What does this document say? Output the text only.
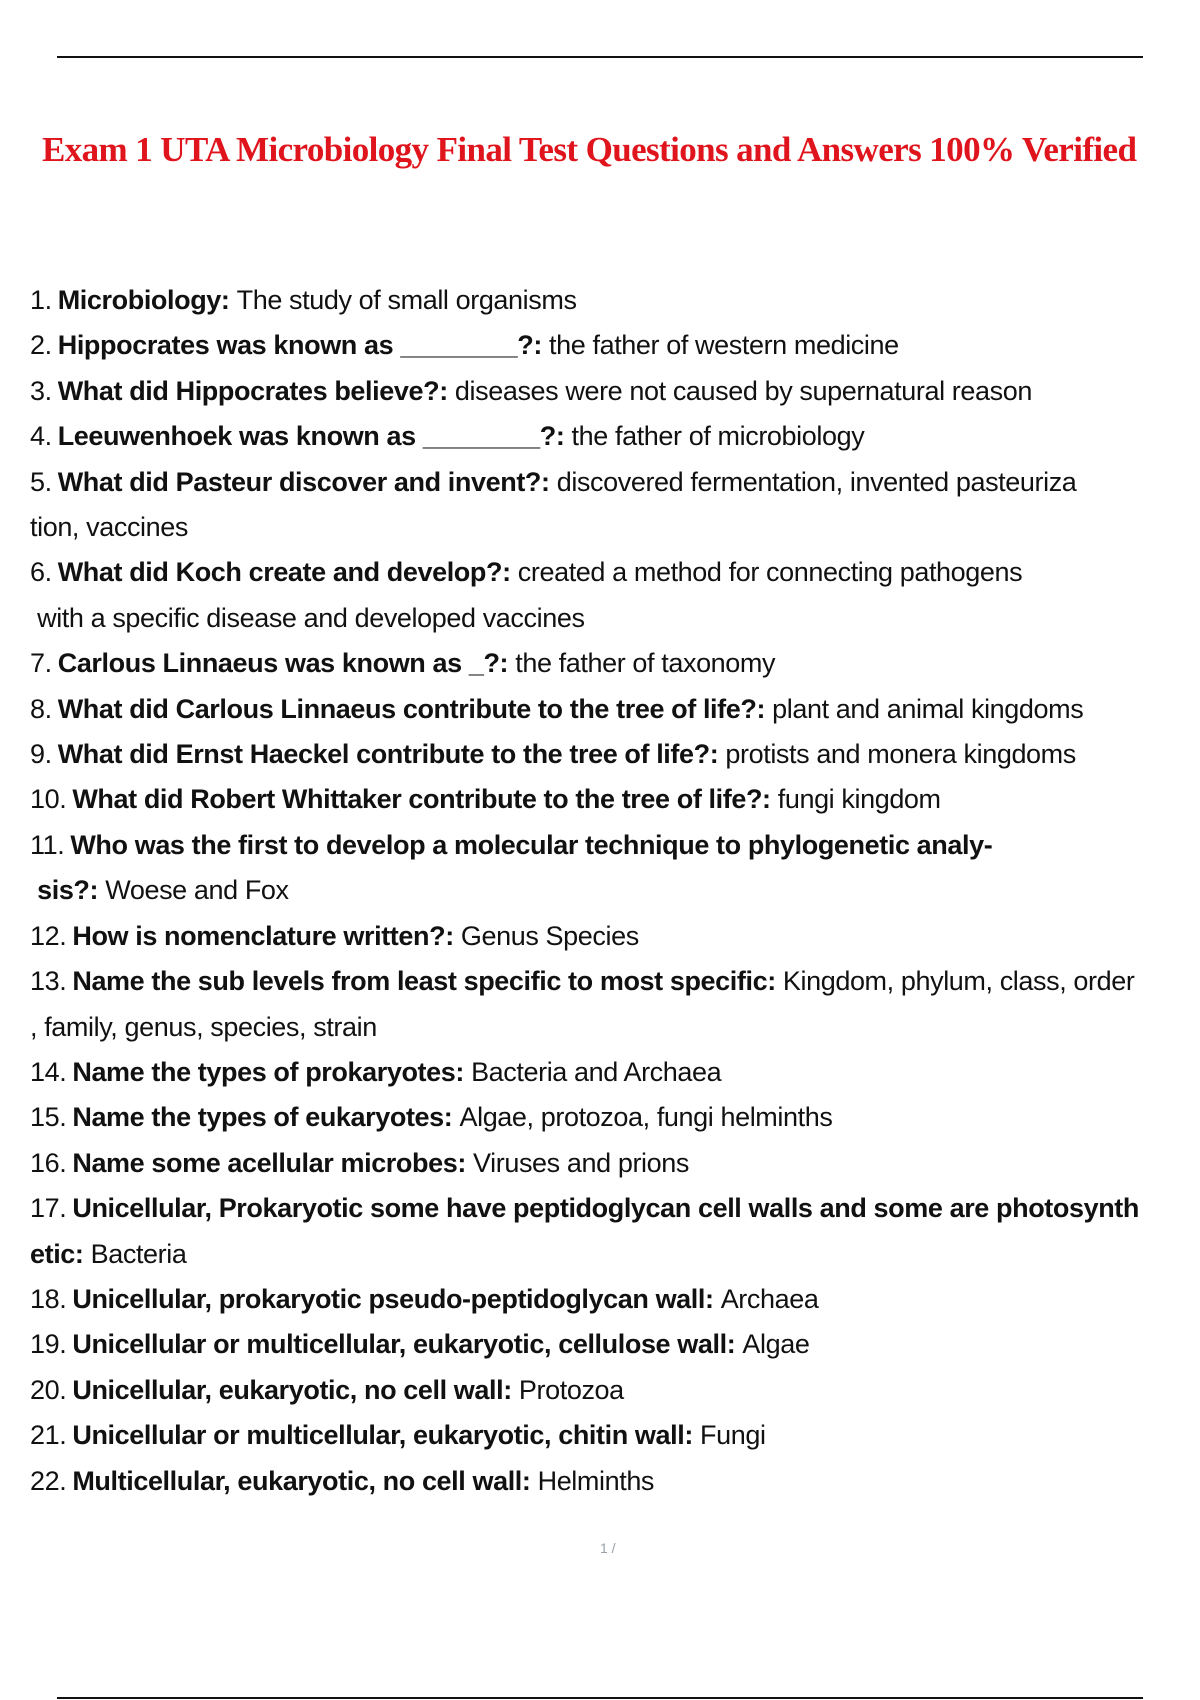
Exam 1 UTA Microbiology Final Test Questions and Answers 100% Verified
1. Microbiology: The study of small organisms
2. Hippocrates was known as ________?: the father of western medicine
3. What did Hippocrates believe?: diseases were not caused by supernatural reason
4. Leeuwenhoek was known as ________?: the father of microbiology
5. What did Pasteur discover and invent?: discovered fermentation, invented pasteuriza
tion, vaccines
6. What did Koch create and develop?: created a method for connecting pathogens
with a specific disease and developed vaccines
7. Carlous Linnaeus was known as _?: the father of taxonomy
8. What did Carlous Linnaeus contribute to the tree of life?: plant and animal kingdoms
9. What did Ernst Haeckel contribute to the tree of life?: protists and monera kingdoms
10. What did Robert Whittaker contribute to the tree of life?: fungi kingdom
11. Who was the first to develop a molecular technique to phylogenetic analy-
sis?: Woese and Fox
12. How is nomenclature written?: Genus Species
13. Name the sub levels from least specific to most specific: Kingdom, phylum, class, order
, family, genus, species, strain
14. Name the types of prokaryotes: Bacteria and Archaea
15. Name the types of eukaryotes: Algae, protozoa, fungi helminths
16. Name some acellular microbes: Viruses and prions
17. Unicellular, Prokaryotic some have peptidoglycan cell walls and some are photosynth
etic: Bacteria
18. Unicellular, prokaryotic pseudo-peptidoglycan wall: Archaea
19. Unicellular or multicellular, eukaryotic, cellulose wall: Algae
20. Unicellular, eukaryotic, no cell wall: Protozoa
21. Unicellular or multicellular, eukaryotic, chitin wall: Fungi
22. Multicellular, eukaryotic, no cell wall: Helminths
1 /
